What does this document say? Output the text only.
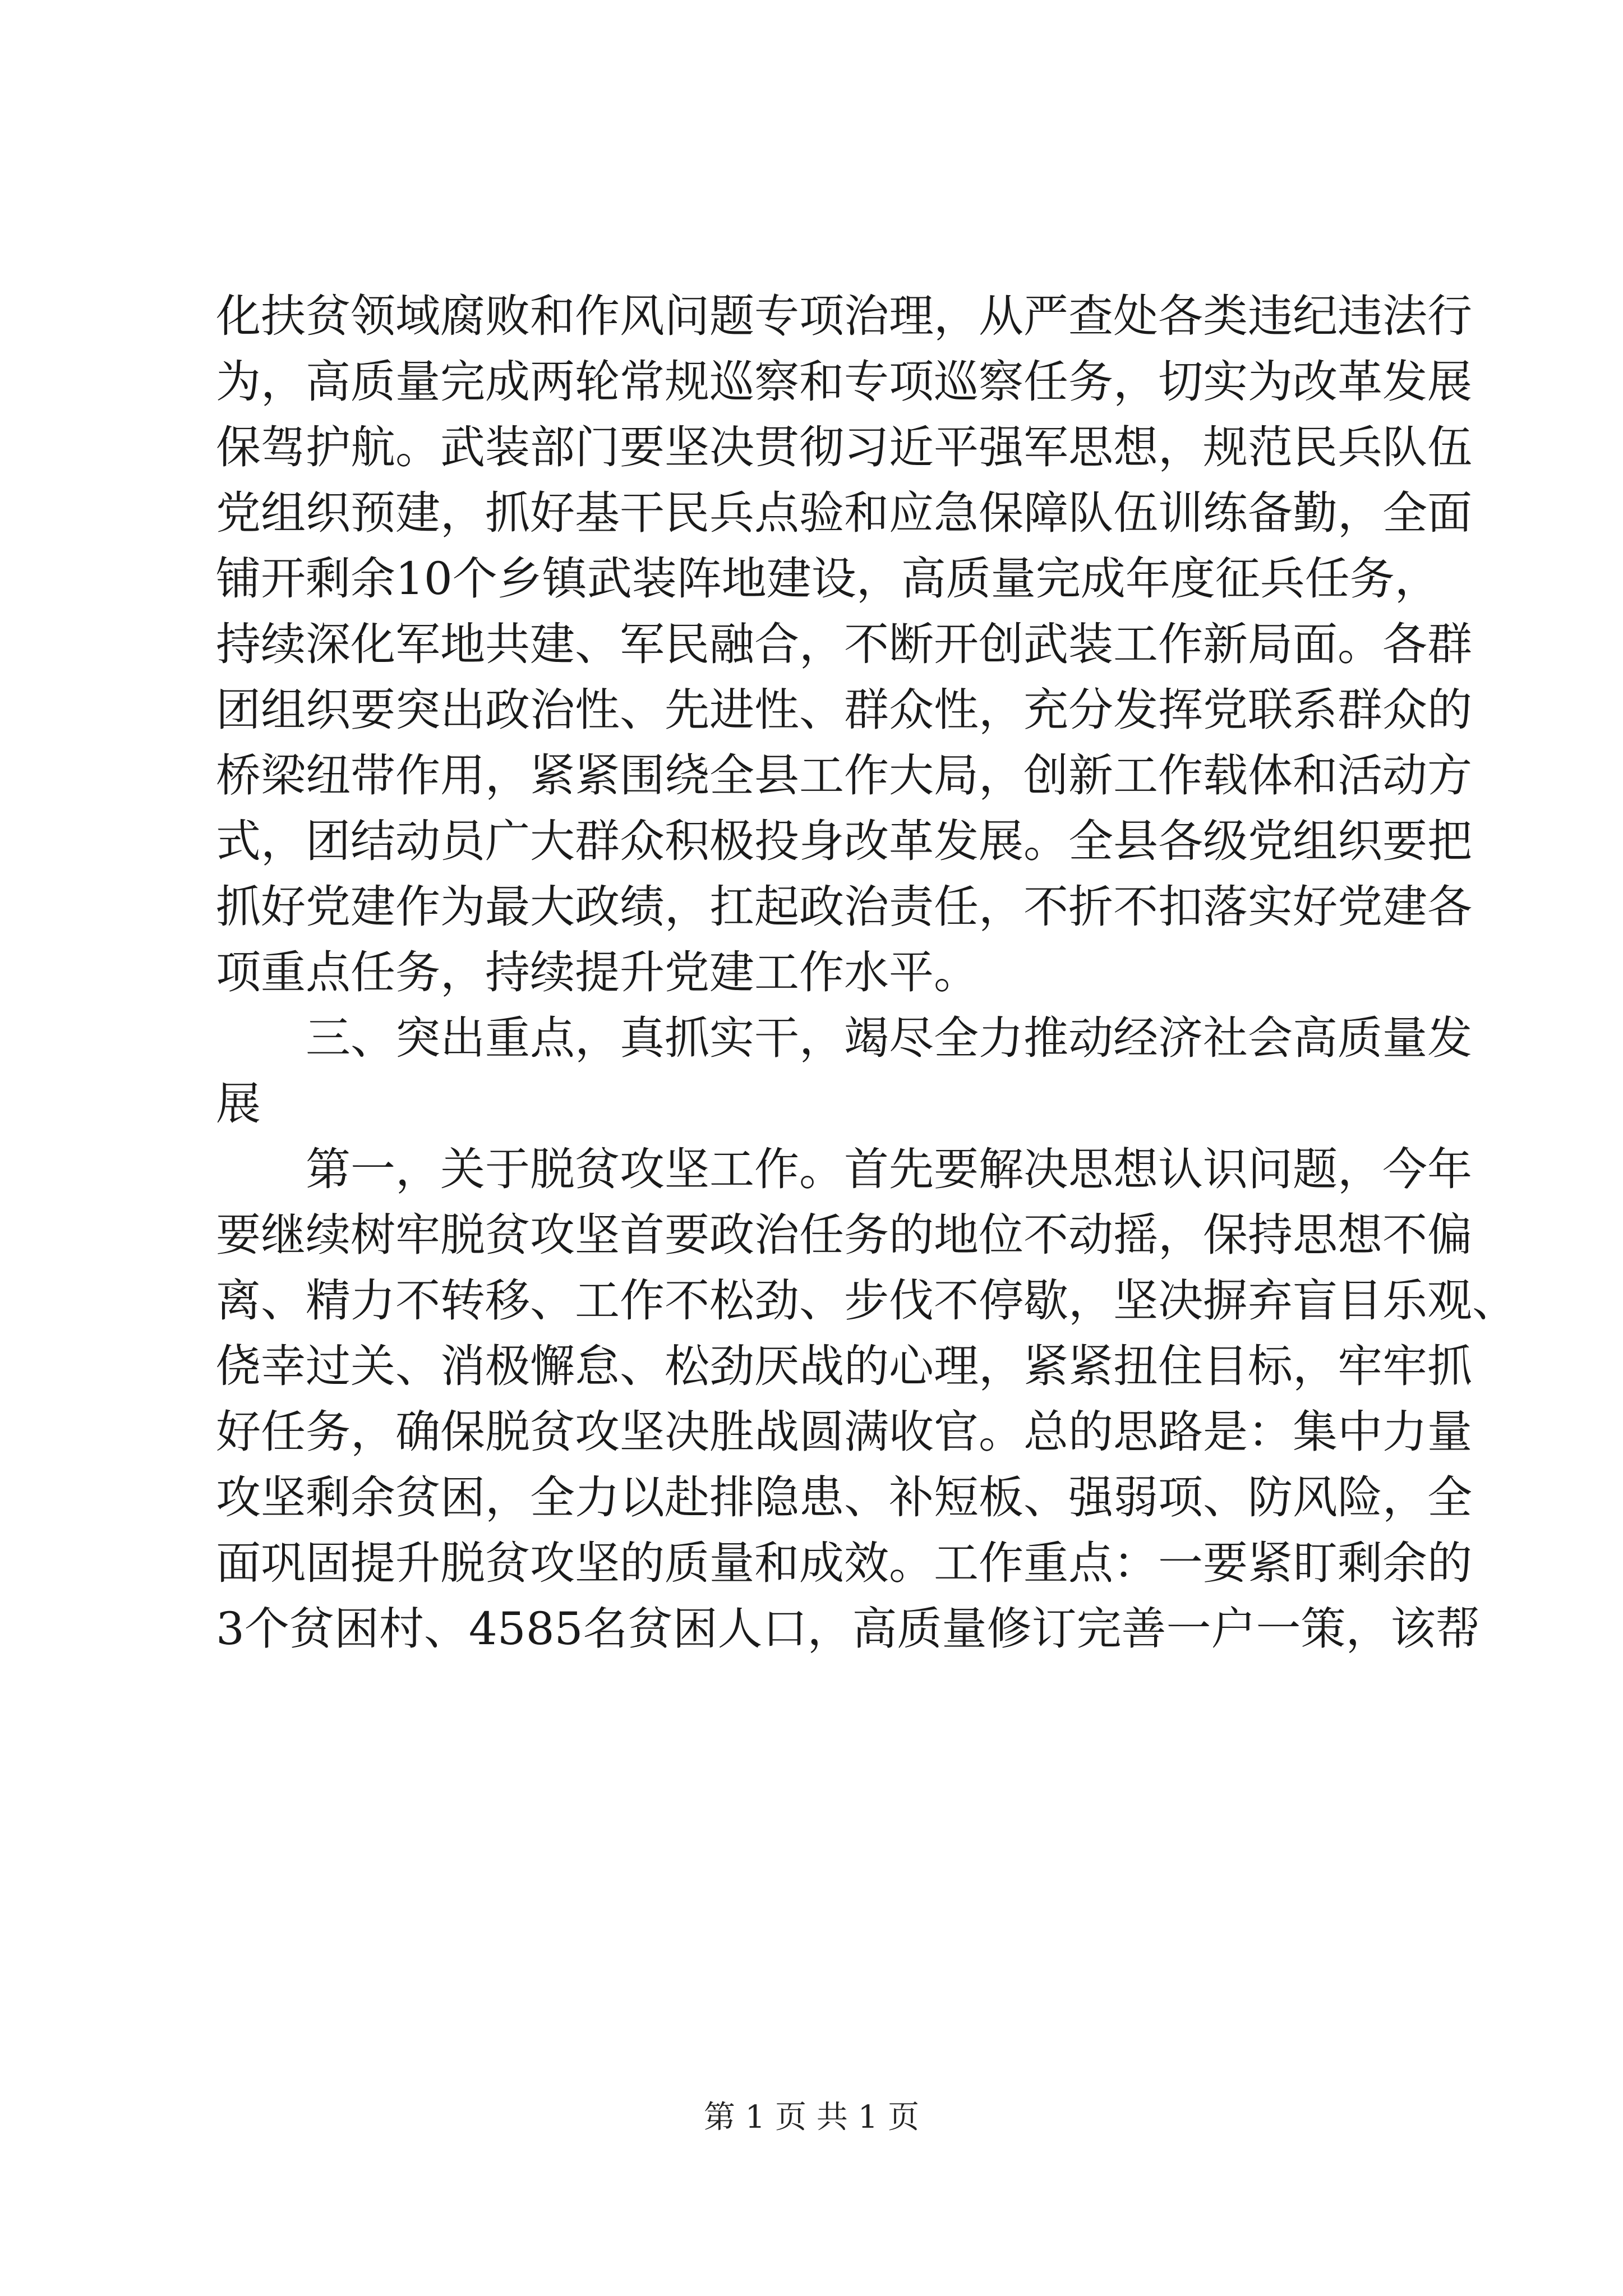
化扶贫领域腐败和作风问题专项治理，从严查处各类违纪违法行
为，高质量完成两轮常规巡察和专项巡察任务，切实为改革发展
保驾护航。武装部门要坚决贯彻习近平强军思想，规范民兵队伍
党组织预建，抓好基干民兵点验和应急保障队伍训练备勤，全面
铺开剩余10个乡镇武装阵地建设，高质量完成年度征兵任务，
持续深化军地共建、军民融合，不断开创武装工作新局面。各群
团组织要突出政治性、先进性、群众性，充分发挥党联系群众的
桥梁纽带作用，紧紧围绕全县工作大局，创新工作载体和活动方
式，团结动员广大群众积极投身改革发展。全县各级党组织要把
抓好党建作为最大政绩，扛起政治责任，不折不扣落实好党建各
项重点任务，持续提升党建工作水平。
三、突出重点，真抓实干，竭尽全力推动经济社会高质量发
展
第一，关于脱贫攻坚工作。首先要解决思想认识问题，今年
要继续树牢脱贫攻坚首要政治任务的地位不动摇，保持思想不偏
离、精力不转移、工作不松劲、步伐不停歇，坚决摒弃盲目乐观、
侥幸过关、消极懈怠、松劲厌战的心理，紧紧扭住目标，牢牢抓
好任务，确保脱贫攻坚决胜战圆满收官。总的思路是：集中力量
攻坚剩余贫困，全力以赴排隐患、补短板、强弱项、防风险，全
面巩固提升脱贫攻坚的质量和成效。工作重点：一要紧盯剩余的
3个贫困村、4585名贫困人口，高质量修订完善一户一策，该帮
第 1 页 共 1 页
